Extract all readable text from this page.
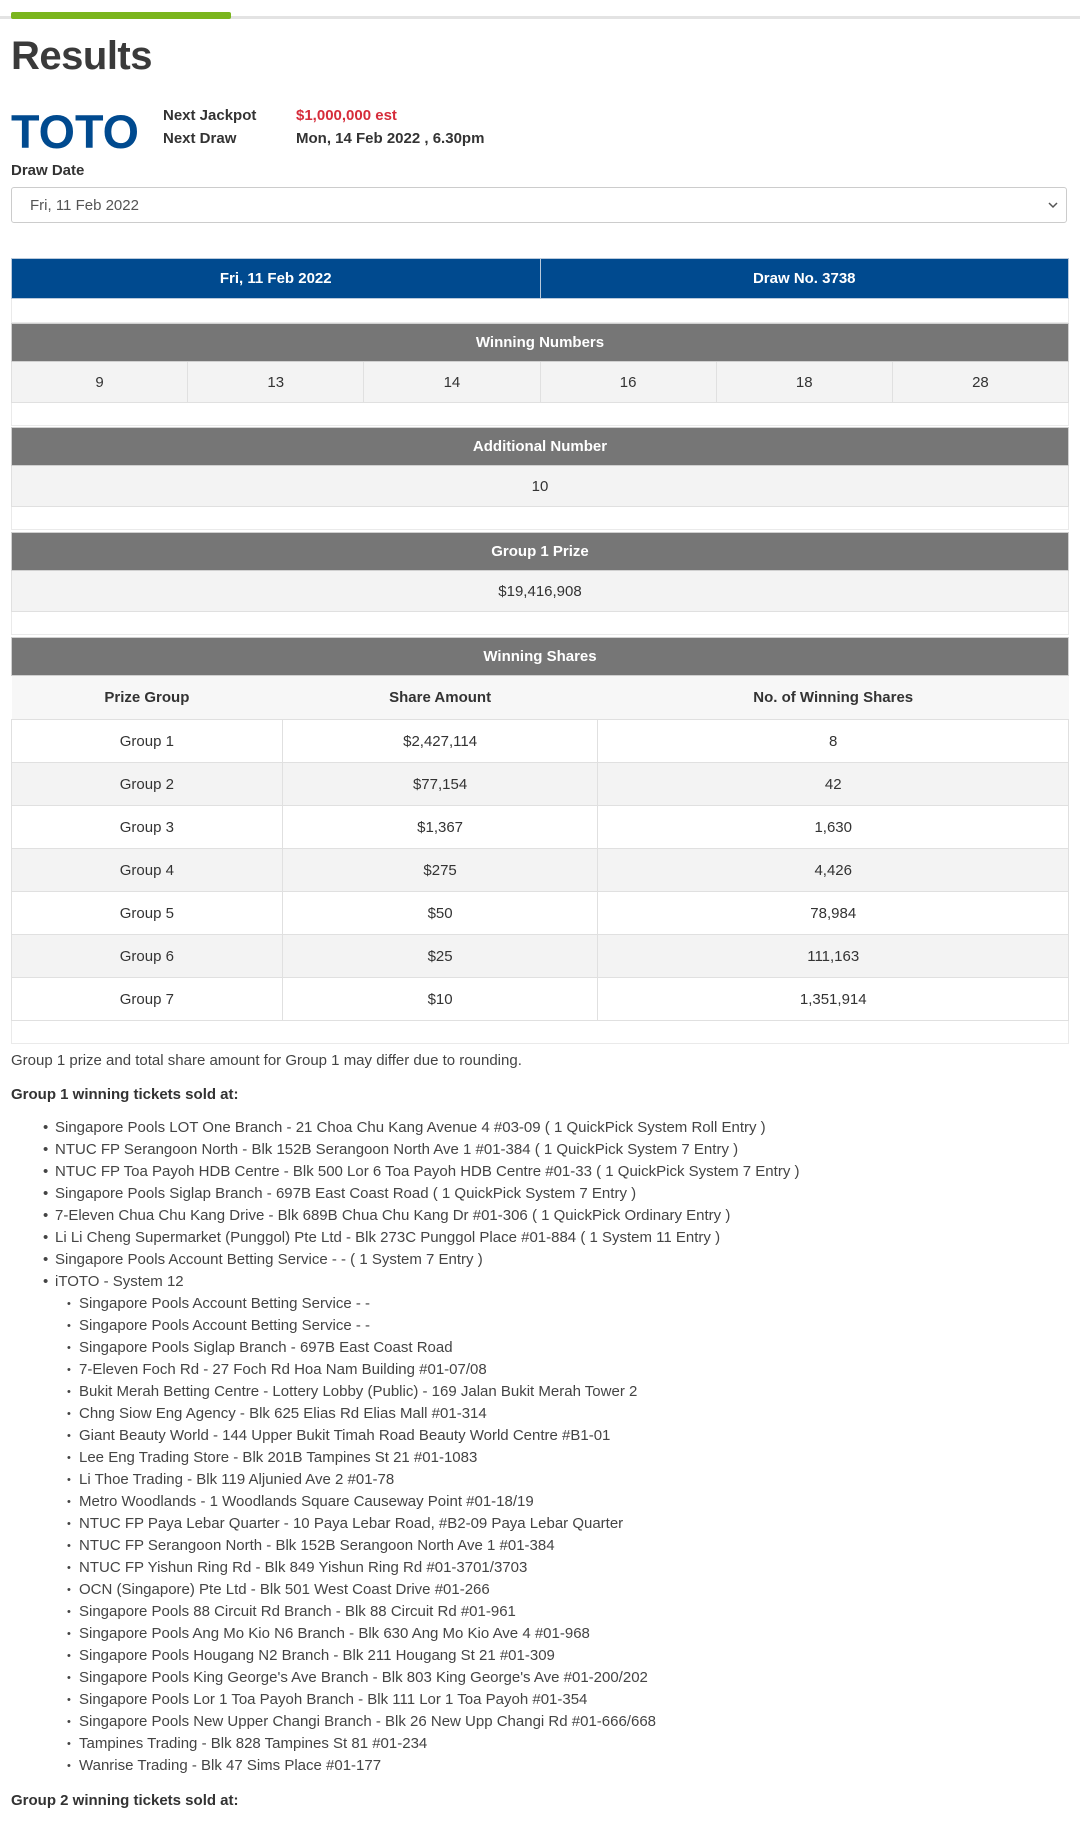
Results
TOTO Next Jackpot	$1,000,000 est
Next Draw	Mon, 14 Feb 2022 , 6.30pm
Draw Date
Fri, 11 Feb 2022
Fri, 11 Feb 2022	Draw No. 3738
Winning Numbers
9	13	14	16	18	28
Additional Number
10
Group 1 Prize
$19,416,908
Winning Shares
Prize Group	Share Amount	No. of Winning Shares
Group 1	$2,427,114	8
Group 2	$77,154	42
Group 3	$1,367	1,630
Group 4	$275	4,426
Group 5	$50	78,984
Group 6	$25	111,163
Group 7	$10	1,351,914
Group 1 prize and total share amount for Group 1 may differ due to rounding.
Group 1 winning tickets sold at:
• Singapore Pools LOT One Branch - 21 Choa Chu Kang Avenue 4 #03-09 ( 1 QuickPick System Roll Entry )
• NTUC FP Serangoon North - Blk 152B Serangoon North Ave 1 #01-384 ( 1 QuickPick System 7 Entry )
• NTUC FP Toa Payoh HDB Centre - Blk 500 Lor 6 Toa Payoh HDB Centre #01-33 ( 1 QuickPick System 7 Entry )
• Singapore Pools Siglap Branch - 697B East Coast Road ( 1 QuickPick System 7 Entry )
• 7-Eleven Chua Chu Kang Drive - Blk 689B Chua Chu Kang Dr #01-306 ( 1 QuickPick Ordinary Entry )
• Li Li Cheng Supermarket (Punggol) Pte Ltd - Blk 273C Punggol Place #01-884 ( 1 System 11 Entry )
• Singapore Pools Account Betting Service - - ( 1 System 7 Entry )
• iTOTO - System 12
• Singapore Pools Account Betting Service - -
• Singapore Pools Account Betting Service - -
• Singapore Pools Siglap Branch - 697B East Coast Road
• 7-Eleven Foch Rd - 27 Foch Rd Hoa Nam Building #01-07/08
• Bukit Merah Betting Centre - Lottery Lobby (Public) - 169 Jalan Bukit Merah Tower 2
• Chng Siow Eng Agency - Blk 625 Elias Rd Elias Mall #01-314
• Giant Beauty World - 144 Upper Bukit Timah Road Beauty World Centre #B1-01
• Lee Eng Trading Store - Blk 201B Tampines St 21 #01-1083
• Li Thoe Trading - Blk 119 Aljunied Ave 2 #01-78
• Metro Woodlands - 1 Woodlands Square Causeway Point #01-18/19
• NTUC FP Paya Lebar Quarter - 10 Paya Lebar Road, #B2-09 Paya Lebar Quarter
• NTUC FP Serangoon North - Blk 152B Serangoon North Ave 1 #01-384
• NTUC FP Yishun Ring Rd - Blk 849 Yishun Ring Rd #01-3701/3703
• OCN (Singapore) Pte Ltd - Blk 501 West Coast Drive #01-266
• Singapore Pools 88 Circuit Rd Branch - Blk 88 Circuit Rd #01-961
• Singapore Pools Ang Mo Kio N6 Branch - Blk 630 Ang Mo Kio Ave 4 #01-968
• Singapore Pools Hougang N2 Branch - Blk 211 Hougang St 21 #01-309
• Singapore Pools King George's Ave Branch - Blk 803 King George's Ave #01-200/202
• Singapore Pools Lor 1 Toa Payoh Branch - Blk 111 Lor 1 Toa Payoh #01-354
• Singapore Pools New Upper Changi Branch - Blk 26 New Upp Changi Rd #01-666/668
• Tampines Trading - Blk 828 Tampines St 81 #01-234
• Wanrise Trading - Blk 47 Sims Place #01-177
Group 2 winning tickets sold at:
